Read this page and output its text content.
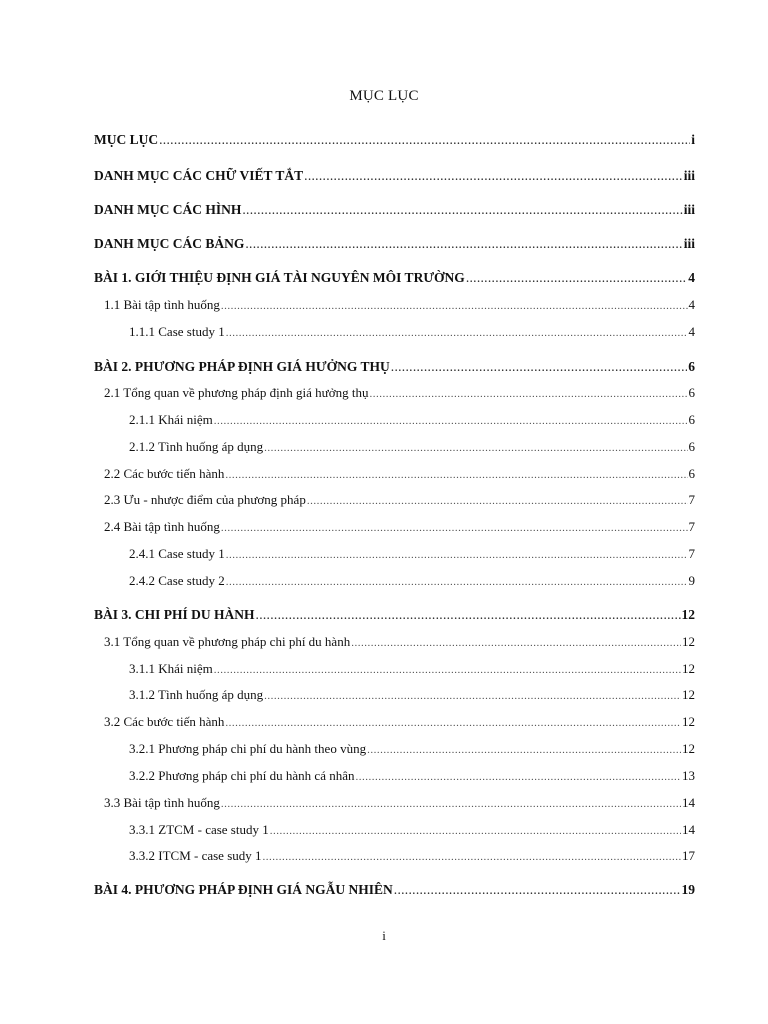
MỤC LỤC
MỤC LỤC .....	i
DANH MỤC CÁC CHỮ VIẾT TẮT .....	iii
DANH MỤC CÁC HÌNH .....	iii
DANH MỤC CÁC BẢNG .....	iii
BÀI 1. GIỚI THIỆU ĐỊNH GIÁ TÀI NGUYÊN MÔI TRƯỜNG .....	4
1.1 Bài tập tình huống .....	4
1.1.1 Case study 1 .....	4
BÀI 2. PHƯƠNG PHÁP ĐỊNH GIÁ HƯỞNG THỤ .....	6
2.1 Tổng quan về phương pháp định giá hưởng thụ .....	6
2.1.1 Khái niệm .....	6
2.1.2 Tình huống áp dụng .....	6
2.2 Các bước tiến hành .....	6
2.3 Ưu - nhược điểm của phương pháp .....	7
2.4 Bài tập tình huống .....	7
2.4.1 Case study 1 .....	7
2.4.2 Case study 2 .....	9
BÀI 3. CHI PHÍ DU HÀNH .....	12
3.1 Tổng quan về phương pháp chi phí du hành .....	12
3.1.1 Khái niệm .....	12
3.1.2 Tình huống áp dụng .....	12
3.2 Các bước tiến hành .....	12
3.2.1 Phương pháp chi phí du hành theo vùng .....	12
3.2.2 Phương pháp chi phí du hành cá nhân .....	13
3.3 Bài tập tình huống .....	14
3.3.1 ZTCM - case study 1 .....	14
3.3.2 ITCM - case sudy 1 .....	17
BÀI 4. PHƯƠNG PHÁP ĐỊNH GIÁ NGẪU NHIÊN .....	19
i
